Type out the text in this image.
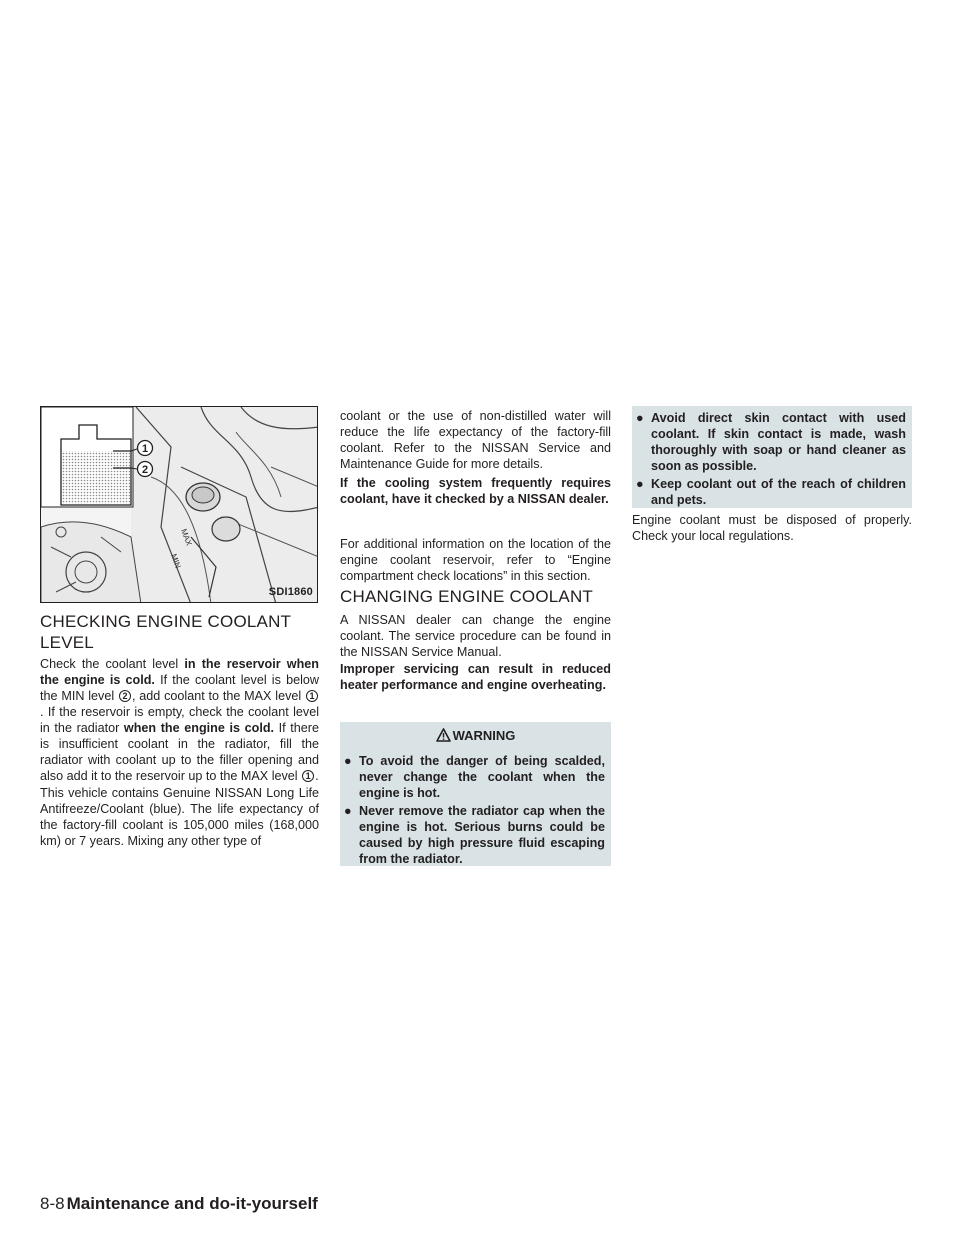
MAX
MIN
1
2
SDI1860
CHECKING ENGINE COOLANT
LEVEL

Check the coolant level in the reservoir when the engine is cold. If the coolant level is below the MIN level 2 , add coolant to the MAX level 1. If the reservoir is empty, check the coolant level in the radiator when the engine is cold. If there is insufficient coolant in the radiator, fill the radiator with coolant up to the filler opening and also add it to the reservoir up to the MAX level 1 .

This vehicle contains Genuine NISSAN Long Life Antifreeze/Coolant (blue). The life expectancy of the factory-fill coolant is 105,000 miles (168,000 km) or 7 years. Mixing any other type of

coolant or the use of non-distilled water will reduce the life expectancy of the factory-fill coolant. Refer to the NISSAN Service and Maintenance Guide for more details.

If the cooling system frequently requires coolant, have it checked by a NISSAN dealer.

For additional information on the location of the engine coolant reservoir, refer to “Engine compartment check locations” in this section.

CHANGING ENGINE COOLANT

A NISSAN dealer can change the engine coolant. The service procedure can be found in the NISSAN Service Manual.

Improper servicing can result in reduced heater performance and engine overheating.

WARNING
● To avoid the danger of being scalded, never change the coolant when the engine is hot.
● Never remove the radiator cap when the engine is hot. Serious burns could be caused by high pressure fluid escaping from the radiator.
● Avoid direct skin contact with used coolant. If skin contact is made, wash thoroughly with soap or hand cleaner as soon as possible.
● Keep coolant out of the reach of children and pets.

Engine coolant must be disposed of properly. Check your local regulations.

8-8 Maintenance and do-it-yourself
